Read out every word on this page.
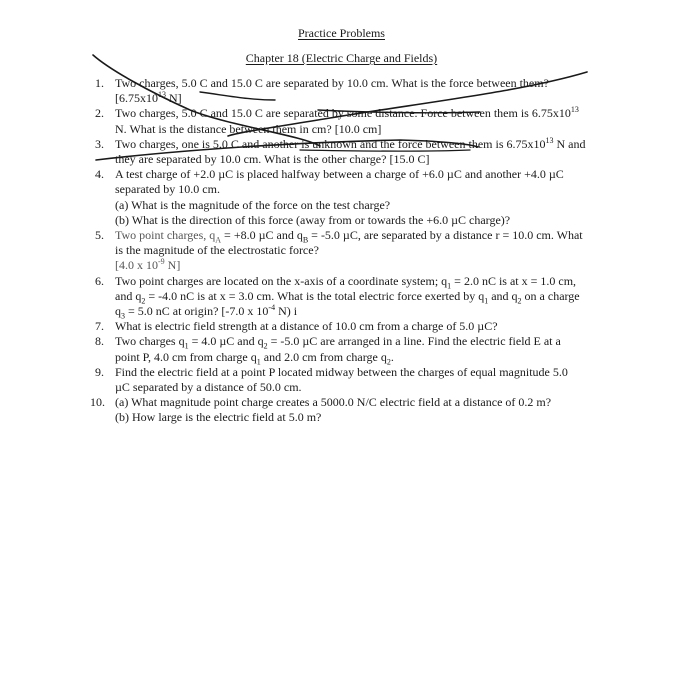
Practice Problems
Chapter 18 (Electric Charge and Fields)
1. Two charges, 5.0 C and 15.0 C are separated by 10.0 cm. What is the force between them?
[$6.75x10^{13}$ N]
2. Two charges, 5.0 C and 15.0 C are separated by some distance. Force between them is $6.75x10^{13}$
N. What is the distance between them in cm? [10.0 cm]
3. Two charges, one is 5.0 C and another is unknown and the force between them is $6.75x10^{13}$ N and
they are separated by 10.0 cm. What is the other charge? [15.0 C]
4. A test charge of +2.0 µC is placed halfway between a charge of +6.0 µC and another +4.0 µC
separated by 10.0 cm.
(a) What is the magnitude of the force on the test charge?
(b) What is the direction of this force (away from or towards the +6.0 µC charge)?
5. Two point charges, $q_A = +8.0$ µC and $q_B = -5.0$ µC, are separated by a distance r = 10.0 cm. What
is the magnitude of the electrostatic force?
[4.0 x $10^{-9}$ N]
6. Two point charges are located on the x-axis of a coordinate system; $q_1 = 2.0$ nC is at x = 1.0 cm,
and $q_2 = -4.0$ nC is at x = 3.0 cm. What is the total electric force exerted by $q_1$ and $q_2$ on a charge
$q_3 = 5.0$ nC at origin? [-7.0 x $10^{-4}$ N) i
7. What is electric field strength at a distance of 10.0 cm from a charge of 5.0 µC?
8. Two charges $q_1 = 4.0$ µC and $q_2 = -5.0$ µC are arranged in a line. Find the electric field E at a
point P, 4.0 cm from charge $q_1$ and 2.0 cm from charge $q_2$.
9. Find the electric field at a point P located midway between the charges of equal magnitude 5.0
µC separated by a distance of 50.0 cm.
10. (a) What magnitude point charge creates a 5000.0 N/C electric field at a distance of 0.2 m?
(b) How large is the electric field at 5.0 m?
